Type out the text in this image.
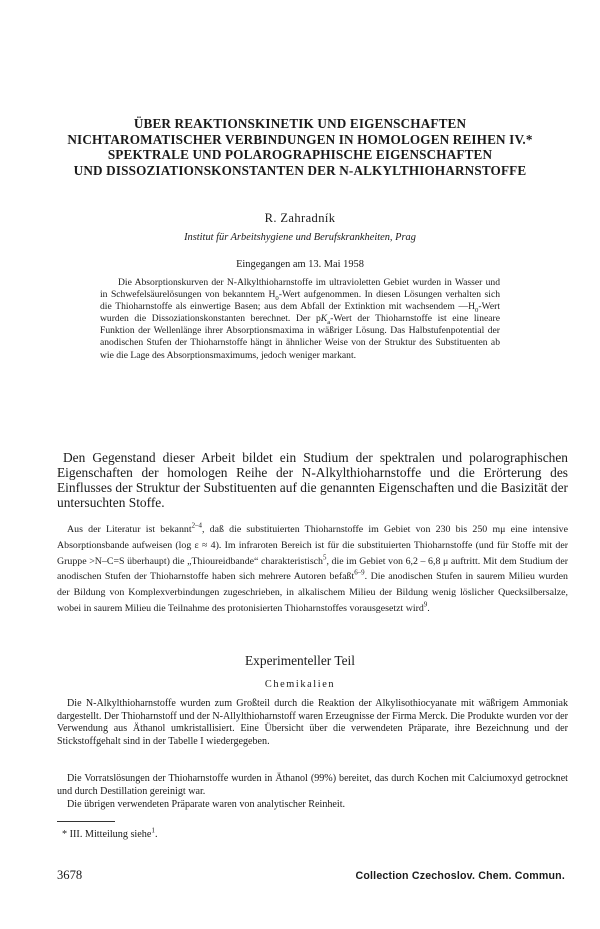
ÜBER REAKTIONSKINETIK UND EIGENSCHAFTEN
NICHTAROMATISCHER VERBINDUNGEN IN HOMOLOGEN REIHEN IV.*
SPEKTRALE UND POLAROGRAPHISCHE EIGENSCHAFTEN
UND DISSOZIATIONSKONSTANTEN DER N-ALKYLTHIOHARNSTOFFE
R. Zahradník
Institut für Arbeitshygiene und Berufskrankheiten, Prag
Eingegangen am 13. Mai 1958

Die Absorptionskurven der N-Alkylthioharnstoffe im ultravioletten Gebiet wurden in Wasser und in Schwefelsäurelösungen von bekanntem $H_0$-Wert aufgenommen. In diesen Lösungen verhalten sich die Thioharnstoffe als einwertige Basen; aus dem Abfall der Extinktion mit wachsendem $—H_0$-Wert wurden die Dissoziationskonstanten berechnet. Der $pK_a$-Wert der Thioharnstoffe ist eine lineare Funktion der Wellenlänge ihrer Absorptionsmaxima in wäßriger Lösung. Das Halbstufenpotential der anodischen Stufen der Thioharnstoffe hängt in ähnlicher Weise von der Struktur des Substituenten ab wie die Lage des Absorptionsmaximums, jedoch weniger markant.

Den Gegenstand dieser Arbeit bildet ein Studium der spektralen und polarographischen Eigenschaften der homologen Reihe der N-Alkylthioharnstoffe und die Erörterung des Einflusses der Struktur der Substituenten auf die genannten Eigenschaften und die Basizität der untersuchten Stoffe.

Aus der Literatur ist bekannt$^{2-4}$, daß die substituierten Thioharnstoffe im Gebiet von 230 bis 250 mμ eine intensive Absorptionsbande aufweisen (log ε ≈ 4). Im infraroten Bereich ist für die substituierten Thioharnstoffe (und für Stoffe mit der Gruppe >N–C=S überhaupt) die „Thioureidbande“ charakteristisch$^5$, die im Gebiet von 6,2 – 6,8 μ auftritt. Mit dem Studium der anodischen Stufen der Thioharnstoffe haben sich mehrere Autoren befaßt$^{6-9}$. Die anodischen Stufen in saurem Milieu wurden der Bildung von Komplexverbindungen zugeschrieben, in alkalischem Milieu der Bildung wenig löslicher Quecksilbersalze, wobei in saurem Milieu die Teilnahme des protonisierten Thioharnstoffes vorausgesetzt wird$^9$.

Experimenteller Teil
Chemikalien

Die N-Alkylthioharnstoffe wurden zum Großteil durch die Reaktion der Alkylisothiocyanate mit wäßrigem Ammoniak dargestellt. Der Thioharnstoff und der N-Allylthioharnstoff waren Erzeugnisse der Firma Merck. Die Produkte wurden vor der Verwendung aus Äthanol umkristallisiert. Eine Übersicht über die verwendeten Präparate, ihre Bezeichnung und der Stickstoffgehalt sind in der Tabelle I wiedergegeben.

Die Vorratslösungen der Thioharnstoffe wurden in Äthanol (99%) bereitet, das durch Kochen mit Calciumoxyd getrocknet und durch Destillation gereinigt war.

Die übrigen verwendeten Präparate waren von analytischer Reinheit.

* III. Mitteilung siehe$^1$.
3678	Collection Czechoslov. Chem. Commun.
